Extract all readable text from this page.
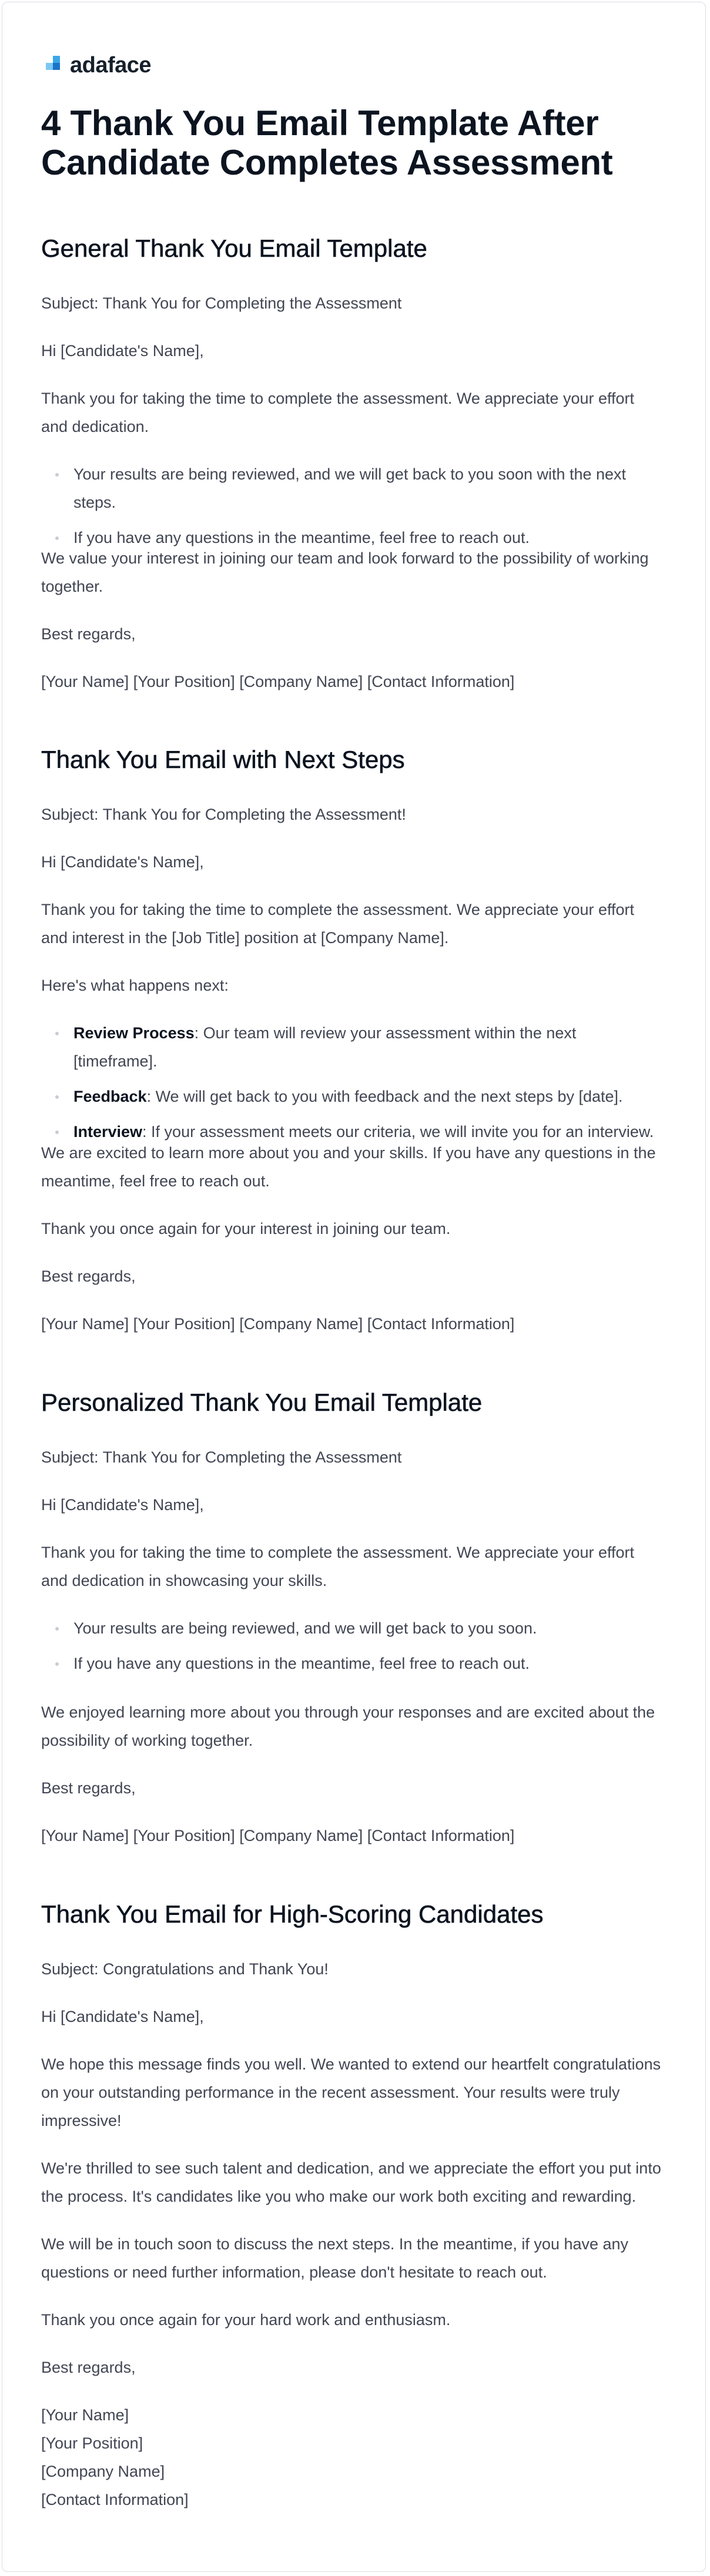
adaface
4 Thank You Email Template After Candidate Completes Assessment
General Thank You Email Template

Subject: Thank You for Completing the Assessment

Hi [Candidate's Name],

Thank you for taking the time to complete the assessment. We appreciate your effort and dedication.

Your results are being reviewed, and we will get back to you soon with the next steps.
If you have any questions in the meantime, feel free to reach out.

We value your interest in joining our team and look forward to the possibility of working together.

Best regards,

[Your Name] [Your Position] [Company Name] [Contact Information]

Thank You Email with Next Steps

Subject: Thank You for Completing the Assessment!

Hi [Candidate's Name],

Thank you for taking the time to complete the assessment. We appreciate your effort and interest in the [Job Title] position at [Company Name].

Here's what happens next:

Review Process: Our team will review your assessment within the next [timeframe].
Feedback: We will get back to you with feedback and the next steps by [date].
Interview: If your assessment meets our criteria, we will invite you for an interview.

We are excited to learn more about you and your skills. If you have any questions in the meantime, feel free to reach out.

Thank you once again for your interest in joining our team.

Best regards,

[Your Name] [Your Position] [Company Name] [Contact Information]

Personalized Thank You Email Template

Subject: Thank You for Completing the Assessment

Hi [Candidate's Name],

Thank you for taking the time to complete the assessment. We appreciate your effort and dedication in showcasing your skills.

Your results are being reviewed, and we will get back to you soon.
If you have any questions in the meantime, feel free to reach out.

We enjoyed learning more about you through your responses and are excited about the possibility of working together.

Best regards,

[Your Name] [Your Position] [Company Name] [Contact Information]

Thank You Email for High-Scoring Candidates

Subject: Congratulations and Thank You!

Hi [Candidate's Name],

We hope this message finds you well. We wanted to extend our heartfelt congratulations on your outstanding performance in the recent assessment. Your results were truly impressive!

We're thrilled to see such talent and dedication, and we appreciate the effort you put into the process. It's candidates like you who make our work both exciting and rewarding.

We will be in touch soon to discuss the next steps. In the meantime, if you have any questions or need further information, please don't hesitate to reach out.

Thank you once again for your hard work and enthusiasm.

Best regards,

[Your Name]
[Your Position]
[Company Name]
[Contact Information]
